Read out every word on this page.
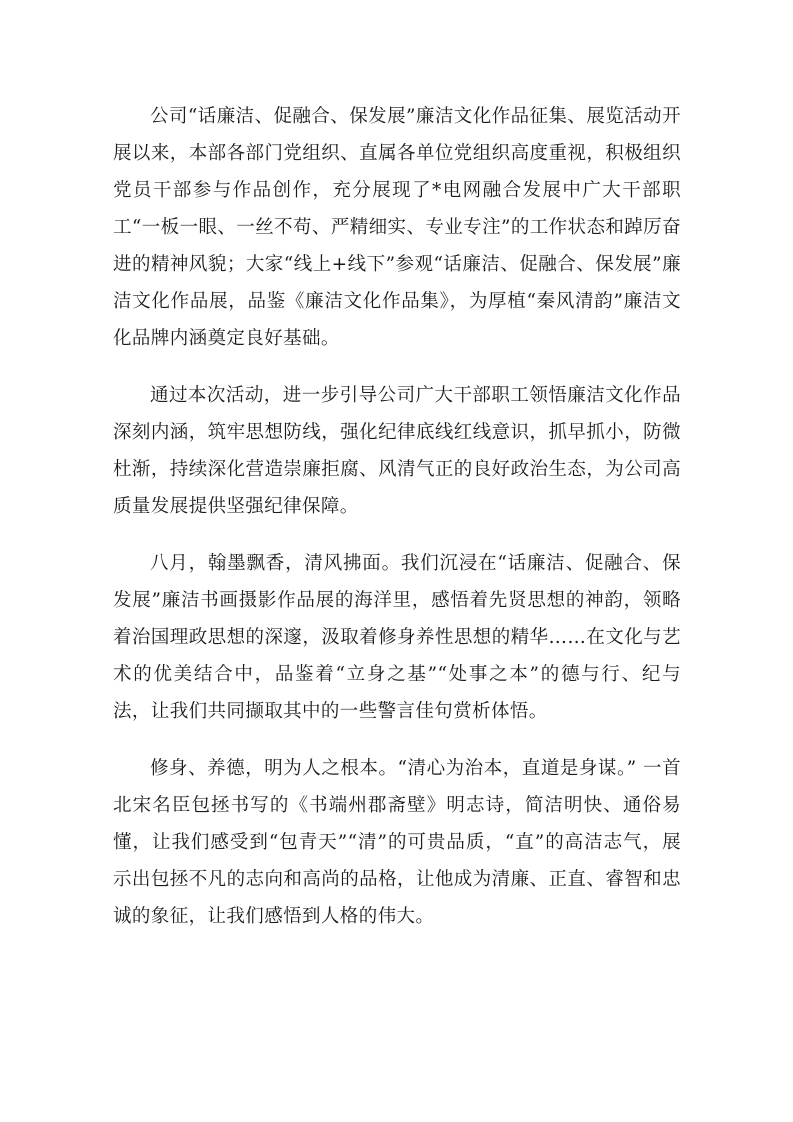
公司“话廉洁、促融合、保发展”廉洁文化作品征集、展览活动开展以来，本部各部门党组织、直属各单位党组织高度重视，积极组织党员干部参与作品创作，充分展现了*电网融合发展中广大干部职工“一板一眼、一丝不苟、严精细实、专业专注”的工作状态和踔厉奋进的精神风貌；大家“线上+线下”参观“话廉洁、促融合、保发展”廉洁文化作品展，品鉴《廉洁文化作品集》，为厚植“秦风清韵”廉洁文化品牌内涵奠定良好基础。

通过本次活动，进一步引导公司广大干部职工领悟廉洁文化作品深刻内涵，筑牢思想防线，强化纪律底线红线意识，抓早抓小，防微杜渐，持续深化营造崇廉拒腐、风清气正的良好政治生态，为公司高质量发展提供坚强纪律保障。

八月，翰墨飘香，清风拂面。我们沉浸在“话廉洁、促融合、保发展”廉洁书画摄影作品展的海洋里，感悟着先贤思想的神韵，领略着治国理政思想的深邃，汲取着修身养性思想的精华……在文化与艺术的优美结合中，品鉴着“立身之基”“处事之本”的德与行、纪与法，让我们共同撷取其中的一些警言佳句赏析体悟。

修身、养德，明为人之根本。“清心为治本，直道是身谋。” 一首北宋名臣包拯书写的《书端州郡斋壁》明志诗，简洁明快、通俗易懂，让我们感受到“包青天”“清”的可贵品质，“直”的高洁志气，展示出包拯不凡的志向和高尚的品格，让他成为清廉、正直、睿智和忠诚的象征，让我们感悟到人格的伟大。
